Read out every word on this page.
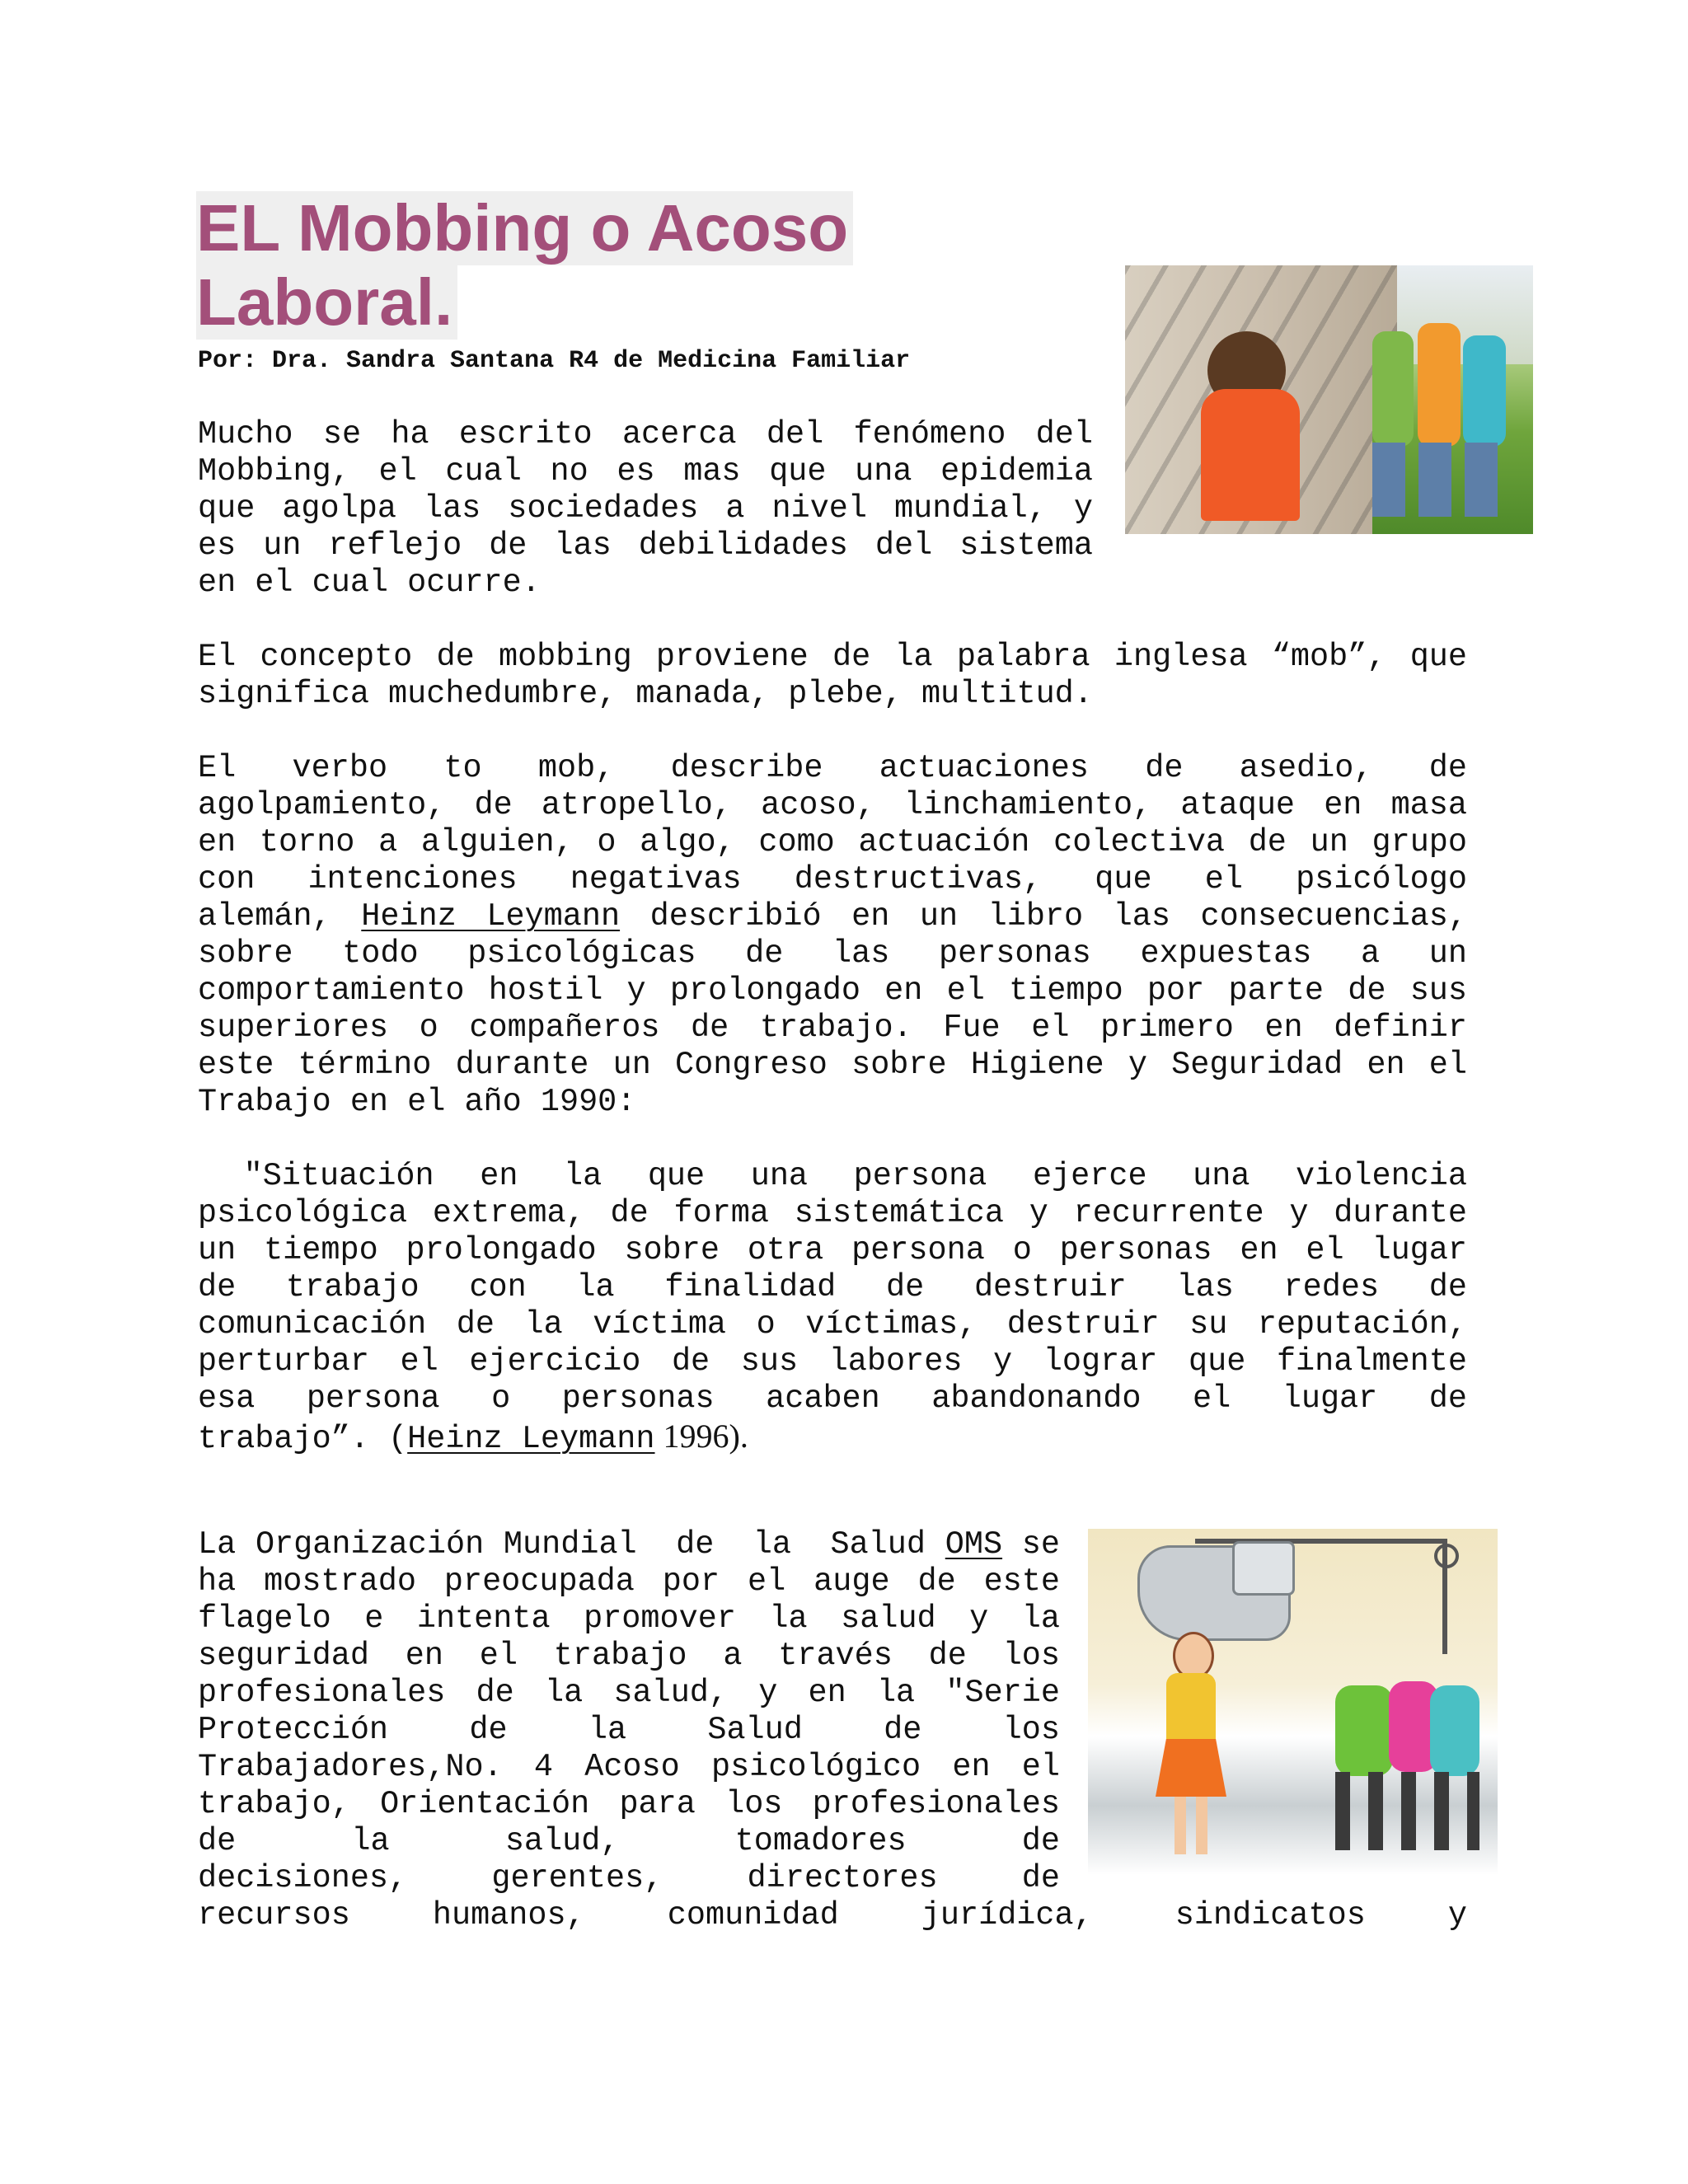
EL Mobbing o Acoso
Laboral.
Por: Dra. Sandra Santana R4 de Medicina Familiar
Mucho se ha escrito acerca del fenómeno del
Mobbing, el cual no es mas que una epidemia
que agolpa las sociedades a nivel mundial, y
es un reflejo de las debilidades del sistema
en el cual ocurre.
El concepto de mobbing proviene de la palabra inglesa “mob”, que
significa muchedumbre, manada, plebe, multitud.
El verbo to mob, describe actuaciones de asedio, de
agolpamiento, de atropello, acoso, linchamiento, ataque en masa
en torno a alguien, o algo, como actuación colectiva de un grupo
con intenciones negativas destructivas, que el psicólogo
alemán, Heinz Leymann describió en un libro las consecuencias,
sobre todo psicológicas de las personas expuestas a un
comportamiento hostil y prolongado en el tiempo por parte de sus
superiores o compañeros de trabajo. Fue el primero en definir
este término durante un Congreso sobre Higiene y Seguridad en el
Trabajo en el año 1990:
"Situación en la que una persona ejerce una violencia
psicológica extrema, de forma sistemática y recurrente y durante
un tiempo prolongado sobre otra persona o personas en el lugar
de trabajo con la finalidad de destruir las redes de
comunicación de la víctima o víctimas, destruir su reputación,
perturbar el ejercicio de sus labores y lograr que finalmente
esa persona o personas acaben abandonando el lugar de
trabajo”. (Heinz Leymann 1996).
La Organización Mundial  de  la  Salud OMS se
ha mostrado preocupada por el auge de este
flagelo e intenta promover la salud y la
seguridad en el trabajo a través de los
profesionales de la salud, y en la "Serie
Protección de la Salud de los
Trabajadores,No. 4 Acoso psicológico en el
trabajo, Orientación para los profesionales
de la salud, tomadores de
decisiones, gerentes, directores de
recursos humanos, comunidad jurídica, sindicatos y
